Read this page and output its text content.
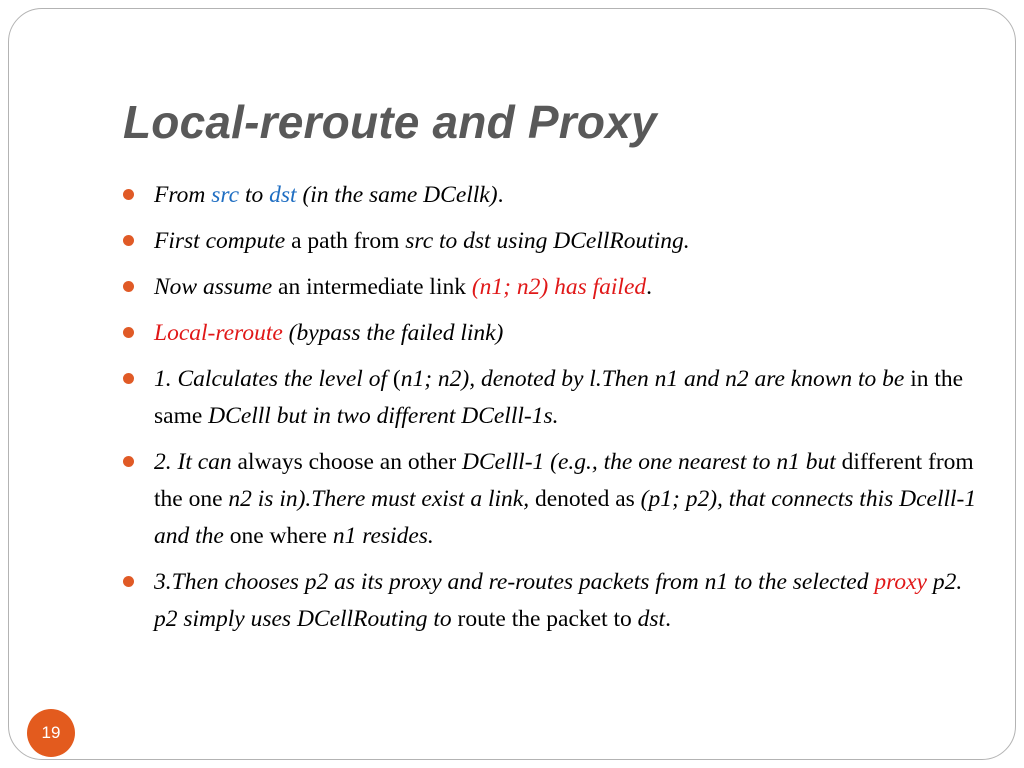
Local-reroute and Proxy
From src to dst (in the same DCellk).
First compute a path from src to dst using DCellRouting.
Now assume an intermediate link (n1; n2) has failed.
Local-reroute (bypass the failed link)
1. Calculates the level of (n1; n2), denoted by l.Then n1 and n2 are known to be in the same DCelll but in two different DCelll-1s.
2. It can always choose an other DCelll-1 (e.g., the one nearest to n1 but different from the one n2 is in).There must exist a link, denoted as (p1; p2), that connects this Dcelll-1 and the one where n1 resides.
3.Then chooses p2 as its proxy and re-routes packets from n1 to the selected proxy p2. p2 simply uses DCellRouting to route the packet to dst.
19
